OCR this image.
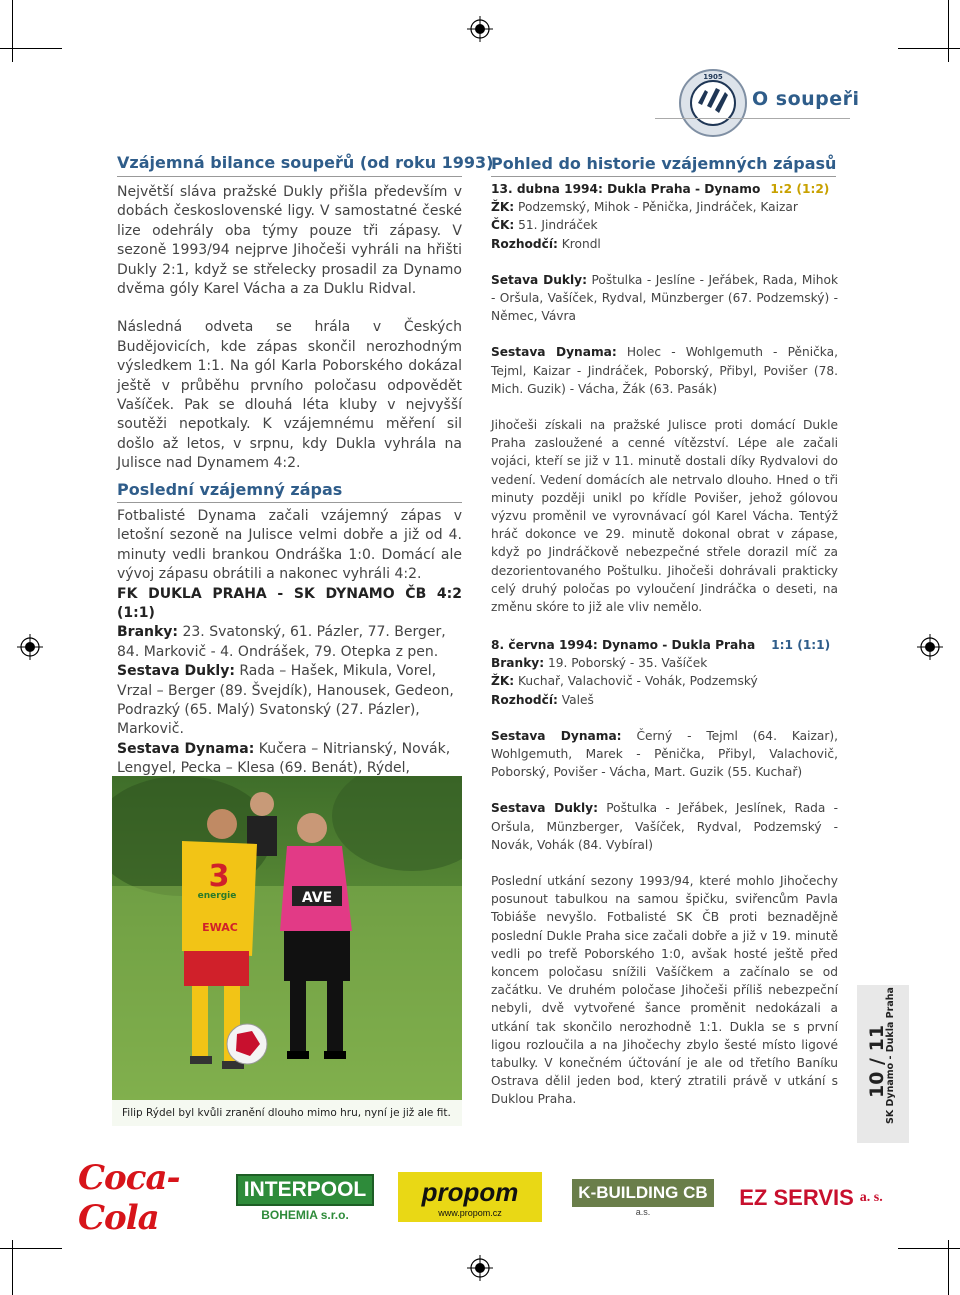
1905
O soupeři
Vzájemná bilance soupeřů (od roku 1993)

Největší sláva pražské Dukly přišla především v dobách československé ligy. V samostatné české lize odehrály oba týmy pouze tři zápasy. V sezoně 1993/94 nejprve Jihočeši vyhráli na hřišti Dukly 2:1, když se střelecky prosadil za Dynamo dvěma góly Karel Vácha a za Duklu Ridval.

Následná odveta se hrála v Českých Budějovicích, kde zápas skončil nerozhodným výsledkem 1:1. Na gól Karla Poborského dokázal ještě v průběhu prvního poločasu odpovědět Vašíček. Pak se dlouhá léta kluby v nejvyšší soutěži nepotkaly. K vzájemnému měření sil došlo až letos, v srpnu, kdy Dukla vyhrála na Julisce nad Dynamem 4:2.

Poslední vzájemný zápas

Fotbalisté Dynama začali vzájemný zápas v letošní sezoně na Julisce velmi dobře a již od 4. minuty vedli brankou Ondráška 1:0. Domácí ale vývoj zápasu obrátili a nakonec vyhráli 4:2.

FK DUKLA PRAHA - SK DYNAMO ČB 4:2 (1:1)

Branky: 23. Svatonský, 61. Pázler, 77. Berger, 84. Markovič - 4. Ondrášek, 79. Otepka z pen.

Sestava Dukly: Rada – Hašek, Mikula, Vorel, Vrzal – Berger (89. Švejdík), Hanousek, Gedeon, Podrazký (65. Malý) Svatonský (27. Pázler), Markovič.

Sestava Dynama: Kučera – Nitrianský, Novák, Lengyel, Pecka – Klesa (69. Benát), Rýdel,

AVE
3
energie
EWAC
Filip Rýdel byl kvůli zranění dlouho mimo hru, nyní je již ale fit.
Pohled do historie vzájemných zápasů

13. dubna 1994: Dukla Praha - Dynamo 1:2 (1:2)

ŽK: Podzemský, Mihok - Pěnička, Jindráček, Kaizar

ČK: 51. Jindráček

Rozhodčí: Krondl

Setava Dukly: Poštulka - Jeslíne - Jeřábek, Rada, Mihok - Oršula, Vašíček, Rydval, Münzberger (67. Podzemský) - Němec, Vávra

Sestava Dynama: Holec - Wohlgemuth - Pěnička, Tejml, Kaizar - Jindráček, Poborský, Přibyl, Povišer (78. Mich. Guzik) - Vácha, Žák (63. Pasák)

Jihočeši získali na pražské Julisce proti domácí Dukle Praha zasloužené a cenné vítězství. Lépe ale začali vojáci, kteří se již v 11. minutě dostali díky Rydvalovi do vedení. Vedení domácích ale netrvalo dlouho. Hned o tři minuty později unikl po křídle Povišer, jehož gólovou výzvu proměnil ve vyrovnávací gól Karel Vácha. Tentýž hráč dokonce ve 29. minutě dokonal obrat v zápase, když po Jindráčkově nebezpečné střele dorazil míč za dezorientovaného Poštulku. Jihočeši dohrávali prakticky celý druhý poločas po vyloučení Jindráčka o deseti, na změnu skóre to již ale vliv nemělo.

8. června 1994: Dynamo - Dukla Praha 1:1 (1:1)

Branky: 19. Poborský - 35. Vašíček

ŽK: Kuchař, Valachovič - Vohák, Podzemský

Rozhodčí: Valeš

Sestava Dynama: Černý - Tejml (64. Kaizar), Wohlgemuth, Marek - Pěnička, Přibyl, Valachovič, Poborský, Povišer - Vácha, Mart. Guzik (55. Kuchař)

Sestava Dukly: Poštulka - Jeřábek, Jeslínek, Rada - Oršula, Münzberger, Vašíček, Rydval, Podzemský - Novák, Vohák (84. Vybíral)

Poslední utkání sezony 1993/94, které mohlo Jihočechy posunout tabulkou na samou špičku, sviřencům Pavla Tobiáše nevyšlo. Fotbalisté SK ČB proti beznadějně poslední Dukle Praha sice začali dobře a již v 19. minutě vedli po trefě Poborského 1:0, avšak hosté ještě před koncem poločasu snížili Vašíčkem a začínalo se od začátku. Ve druhém poločase Jihočeši příliš nebezpeční nebyli, dvě vytvořené šance proměnit nedokázali a utkání tak skončilo nerozhodně 1:1. Dukla se s první ligou rozloučila a na Jihočechy zbylo šesté místo ligové tabulky. V konečném účtování je ale od třetího Baníku Ostrava dělil jeden bod, který ztratili právě v utkání s Duklou Praha.

10 / 11
SK Dynamo - Dukla Praha
Coca-Cola
INTERPOOL
BOHEMIA s.r.o.
propom
www.propom.cz
K-BUILDING CB
a.s.
EZ SERVIS a. s.
